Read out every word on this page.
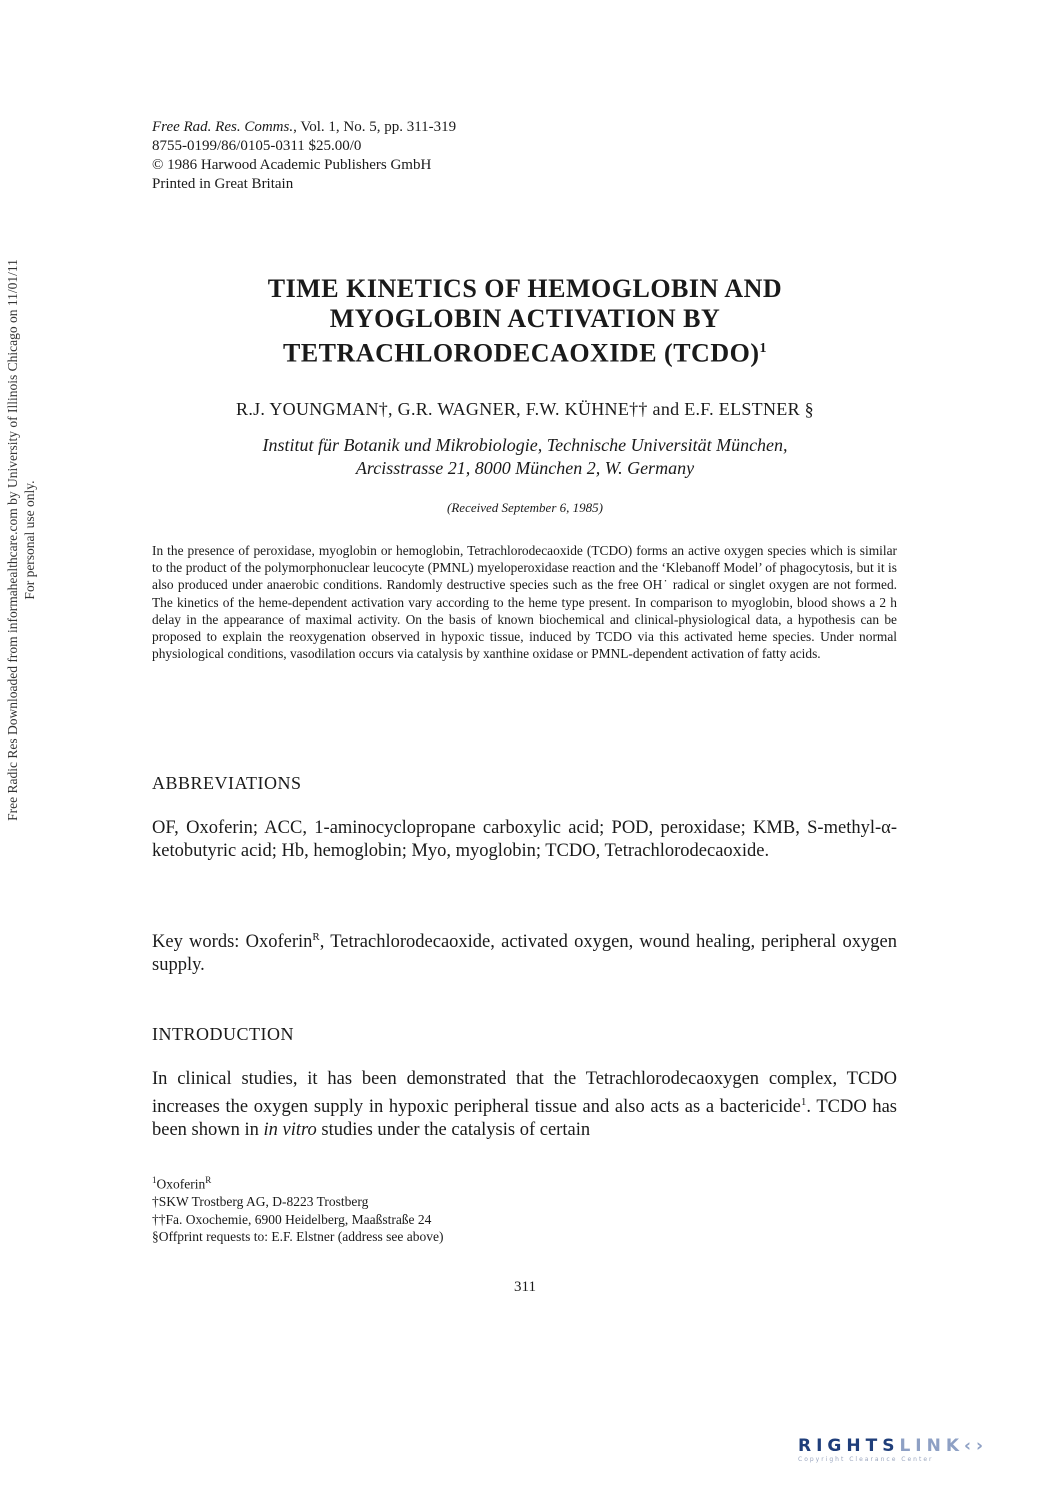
Free Rad. Res. Comms., Vol. 1, No. 5, pp. 311-319
8755-0199/86/0105-0311 $25.00/0
© 1986 Harwood Academic Publishers GmbH
Printed in Great Britain
TIME KINETICS OF HEMOGLOBIN AND
MYOGLOBIN ACTIVATION BY
TETRACHLORODECAOXIDE (TCDO)$^1$
R.J. YOUNGMAN†, G.R. WAGNER, F.W. KÜHNE†† and E.F. ELSTNER §
Institut für Botanik und Mikrobiologie, Technische Universität München,
Arcisstrasse 21, 8000 München 2, W. Germany
(Received September 6, 1985)
In the presence of peroxidase, myoglobin or hemoglobin, Tetrachlorodecaoxide (TCDO) forms an active oxygen species which is similar to the product of the polymorphonuclear leucocyte (PMNL) myeloperoxidase reaction and the ‘Klebanoff Model’ of phagocytosis, but it is also produced under anaerobic conditions. Randomly destructive species such as the free OH˙ radical or singlet oxygen are not formed. The kinetics of the heme-dependent activation vary according to the heme type present. In comparison to myoglobin, blood shows a 2 h delay in the appearance of maximal activity. On the basis of known biochemical and clinical-physiological data, a hypothesis can be proposed to explain the reoxygenation observed in hypoxic tissue, induced by TCDO via this activated heme species. Under normal physiological conditions, vasodilation occurs via catalysis by xanthine oxidase or PMNL-dependent activation of fatty acids.
ABBREVIATIONS
OF, Oxoferin; ACC, 1-aminocyclopropane carboxylic acid; POD, peroxidase; KMB, S-methyl-α-ketobutyric acid; Hb, hemoglobin; Myo, myoglobin; TCDO, Tetrachlorodecaoxide.
Key words: Oxoferin$^R$, Tetrachlorodecaoxide, activated oxygen, wound healing, peripheral oxygen supply.
INTRODUCTION
In clinical studies, it has been demonstrated that the Tetrachlorodecaoxygen complex, TCDO increases the oxygen supply in hypoxic peripheral tissue and also acts as a bactericide$^1$. TCDO has been shown in in vitro studies under the catalysis of certain
$^1$Oxoferin$^R$
†SKW Trostberg AG, D-8223 Trostberg
††Fa. Oxochemie, 6900 Heidelberg, Maaßstraße 24
§Offprint requests to: E.F. Elstner (address see above)
311
Free Radic Res Downloaded from informahealthcare.com by University of Illinois Chicago on 11/01/11 For personal use only.
RIGHTSLINK‹›
Copyright Clearance Center
